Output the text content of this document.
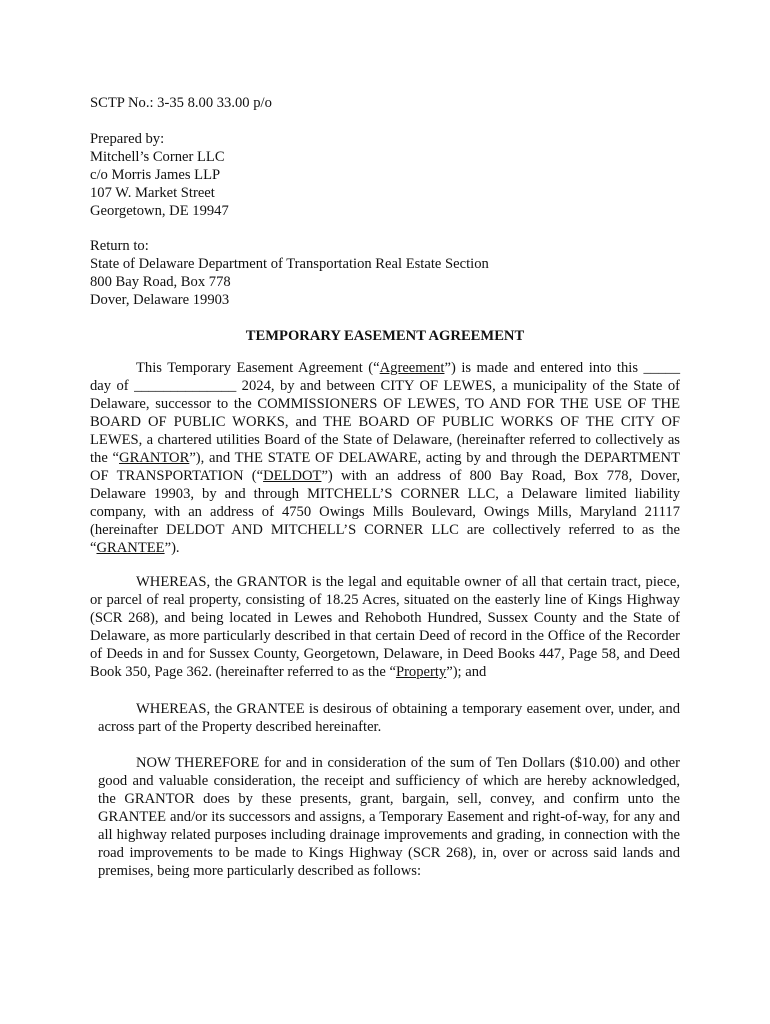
SCTP No.: 3-35 8.00 33.00 p/o
Prepared by:
Mitchell’s Corner LLC
c/o Morris James LLP
107 W. Market Street
Georgetown, DE 19947
Return to:
State of Delaware Department of Transportation Real Estate Section
800 Bay Road, Box 778
Dover, Delaware 19903
TEMPORARY EASEMENT AGREEMENT
This Temporary Easement Agreement (“Agreement”) is made and entered into this _____ day of ______________ 2024, by and between CITY OF LEWES, a municipality of the State of Delaware, successor to the COMMISSIONERS OF LEWES, TO AND FOR THE USE OF THE BOARD OF PUBLIC WORKS, and THE BOARD OF PUBLIC WORKS OF THE CITY OF LEWES, a chartered utilities Board of the State of Delaware, (hereinafter referred to collectively as the “GRANTOR”), and THE STATE OF DELAWARE, acting by and through the DEPARTMENT OF TRANSPORTATION (“DELDOT”) with an address of 800 Bay Road, Box 778, Dover, Delaware 19903, by and through MITCHELL’S CORNER LLC, a Delaware limited liability company, with an address of 4750 Owings Mills Boulevard, Owings Mills, Maryland 21117 (hereinafter DELDOT AND MITCHELL’S CORNER LLC are collectively referred to as the “GRANTEE”).
WHEREAS, the GRANTOR is the legal and equitable owner of all that certain tract, piece, or parcel of real property, consisting of 18.25 Acres, situated on the easterly line of Kings Highway (SCR 268), and being located in Lewes and Rehoboth Hundred, Sussex County and the State of Delaware, as more particularly described in that certain Deed of record in the Office of the Recorder of Deeds in and for Sussex County, Georgetown, Delaware, in Deed Books 447, Page 58, and Deed Book 350, Page 362. (hereinafter referred to as the “Property”); and
WHEREAS, the GRANTEE is desirous of obtaining a temporary easement over, under, and across part of the Property described hereinafter.
NOW THEREFORE for and in consideration of the sum of Ten Dollars ($10.00) and other good and valuable consideration, the receipt and sufficiency of which are hereby acknowledged, the GRANTOR does by these presents, grant, bargain, sell, convey, and confirm unto the GRANTEE and/or its successors and assigns, a Temporary Easement and right-of-way, for any and all highway related purposes including drainage improvements and grading, in connection with the road improvements to be made to Kings Highway (SCR 268), in, over or across said lands and premises, being more particularly described as follows:
